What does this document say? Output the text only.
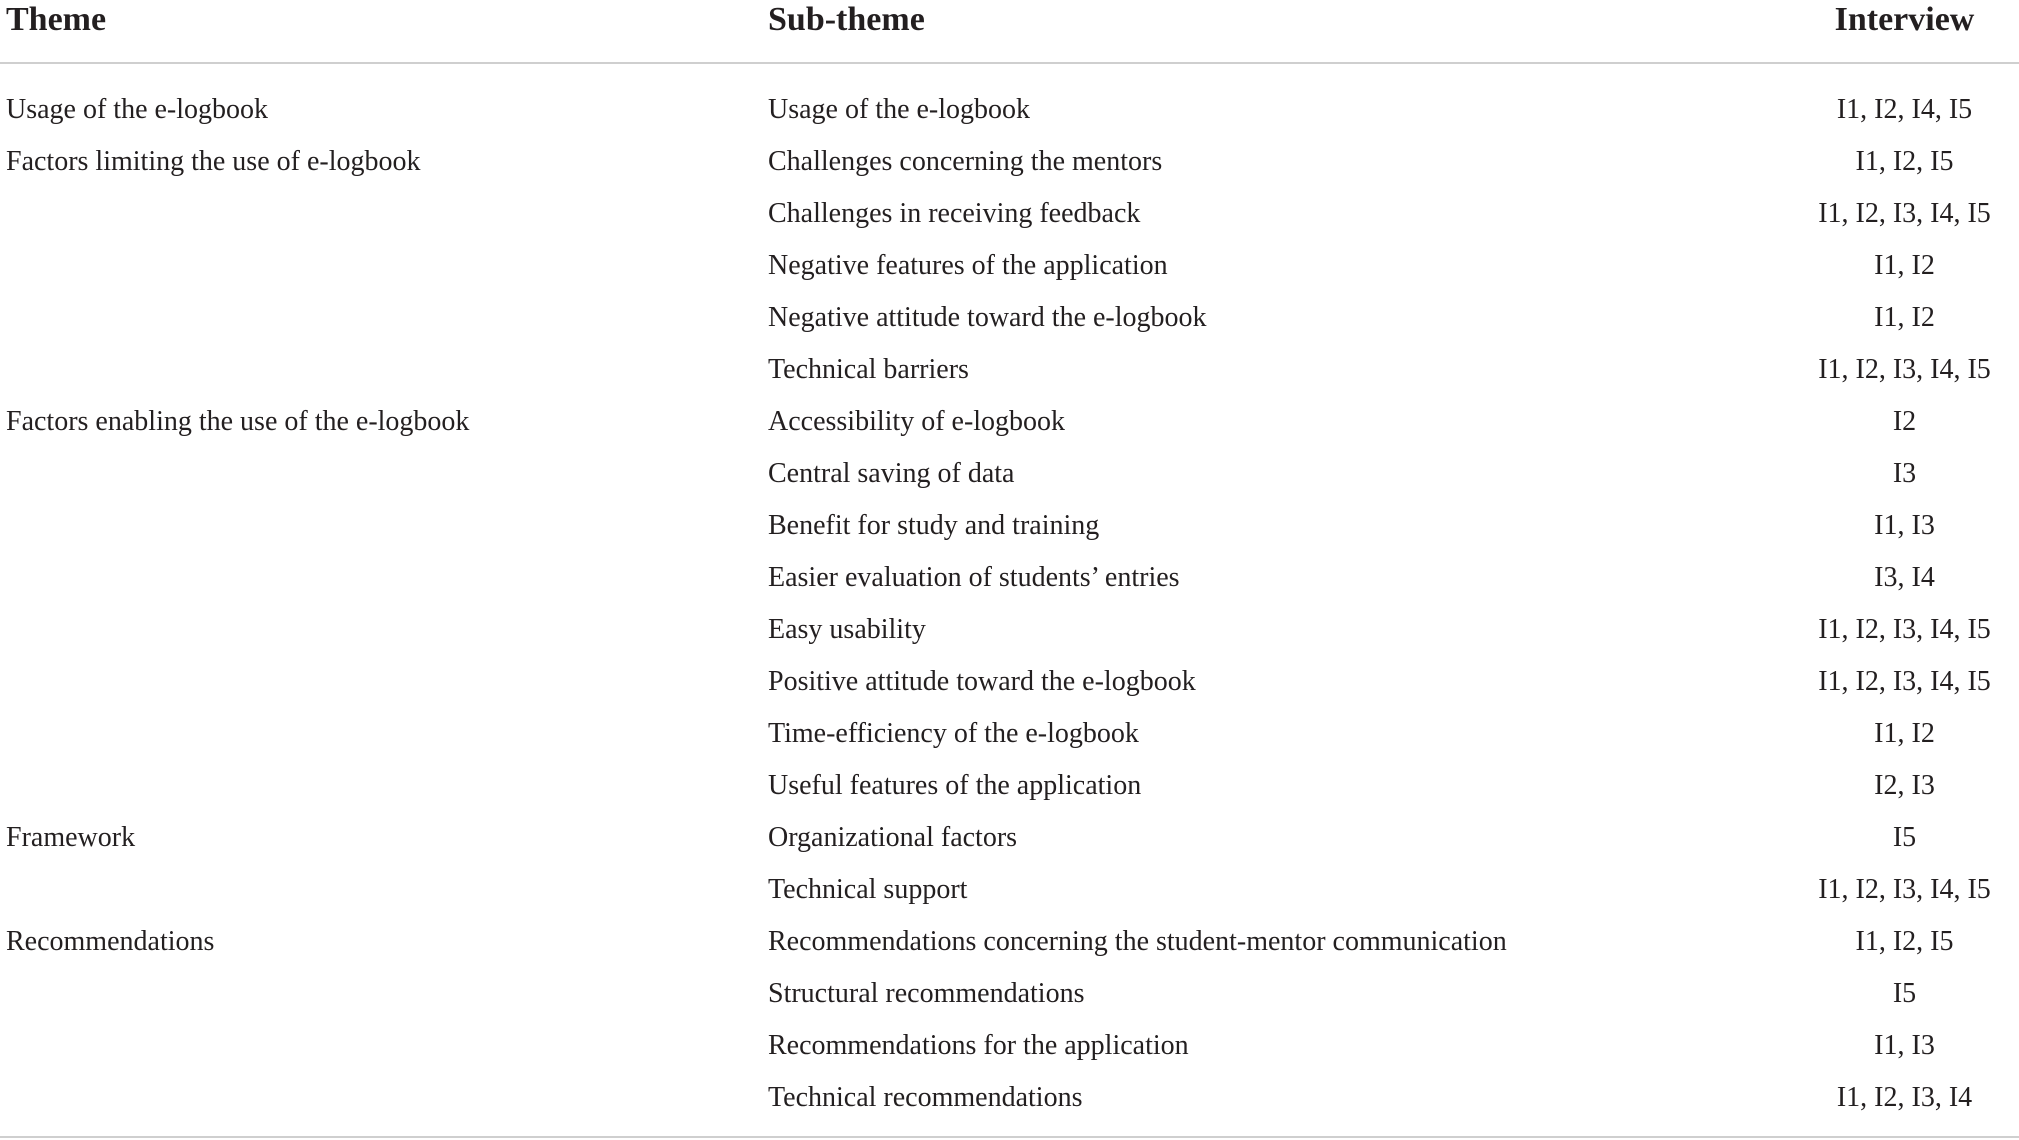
Theme	Sub-theme	Interview
Usage of the e-logbook	Usage of the e-logbook	I1, I2, I4, I5
Factors limiting the use of e-logbook	Challenges concerning the mentors	I1, I2, I5
	Challenges in receiving feedback	I1, I2, I3, I4, I5
	Negative features of the application	I1, I2
	Negative attitude toward the e-logbook	I1, I2
	Technical barriers	I1, I2, I3, I4, I5
Factors enabling the use of the e-logbook	Accessibility of e-logbook	I2
	Central saving of data	I3
	Benefit for study and training	I1, I3
	Easier evaluation of students’ entries	I3, I4
	Easy usability	I1, I2, I3, I4, I5
	Positive attitude toward the e-logbook	I1, I2, I3, I4, I5
	Time-efficiency of the e-logbook	I1, I2
	Useful features of the application	I2, I3
Framework	Organizational factors	I5
	Technical support	I1, I2, I3, I4, I5
Recommendations	Recommendations concerning the student-mentor communication	I1, I2, I5
	Structural recommendations	I5
	Recommendations for the application	I1, I3
	Technical recommendations	I1, I2, I3, I4
